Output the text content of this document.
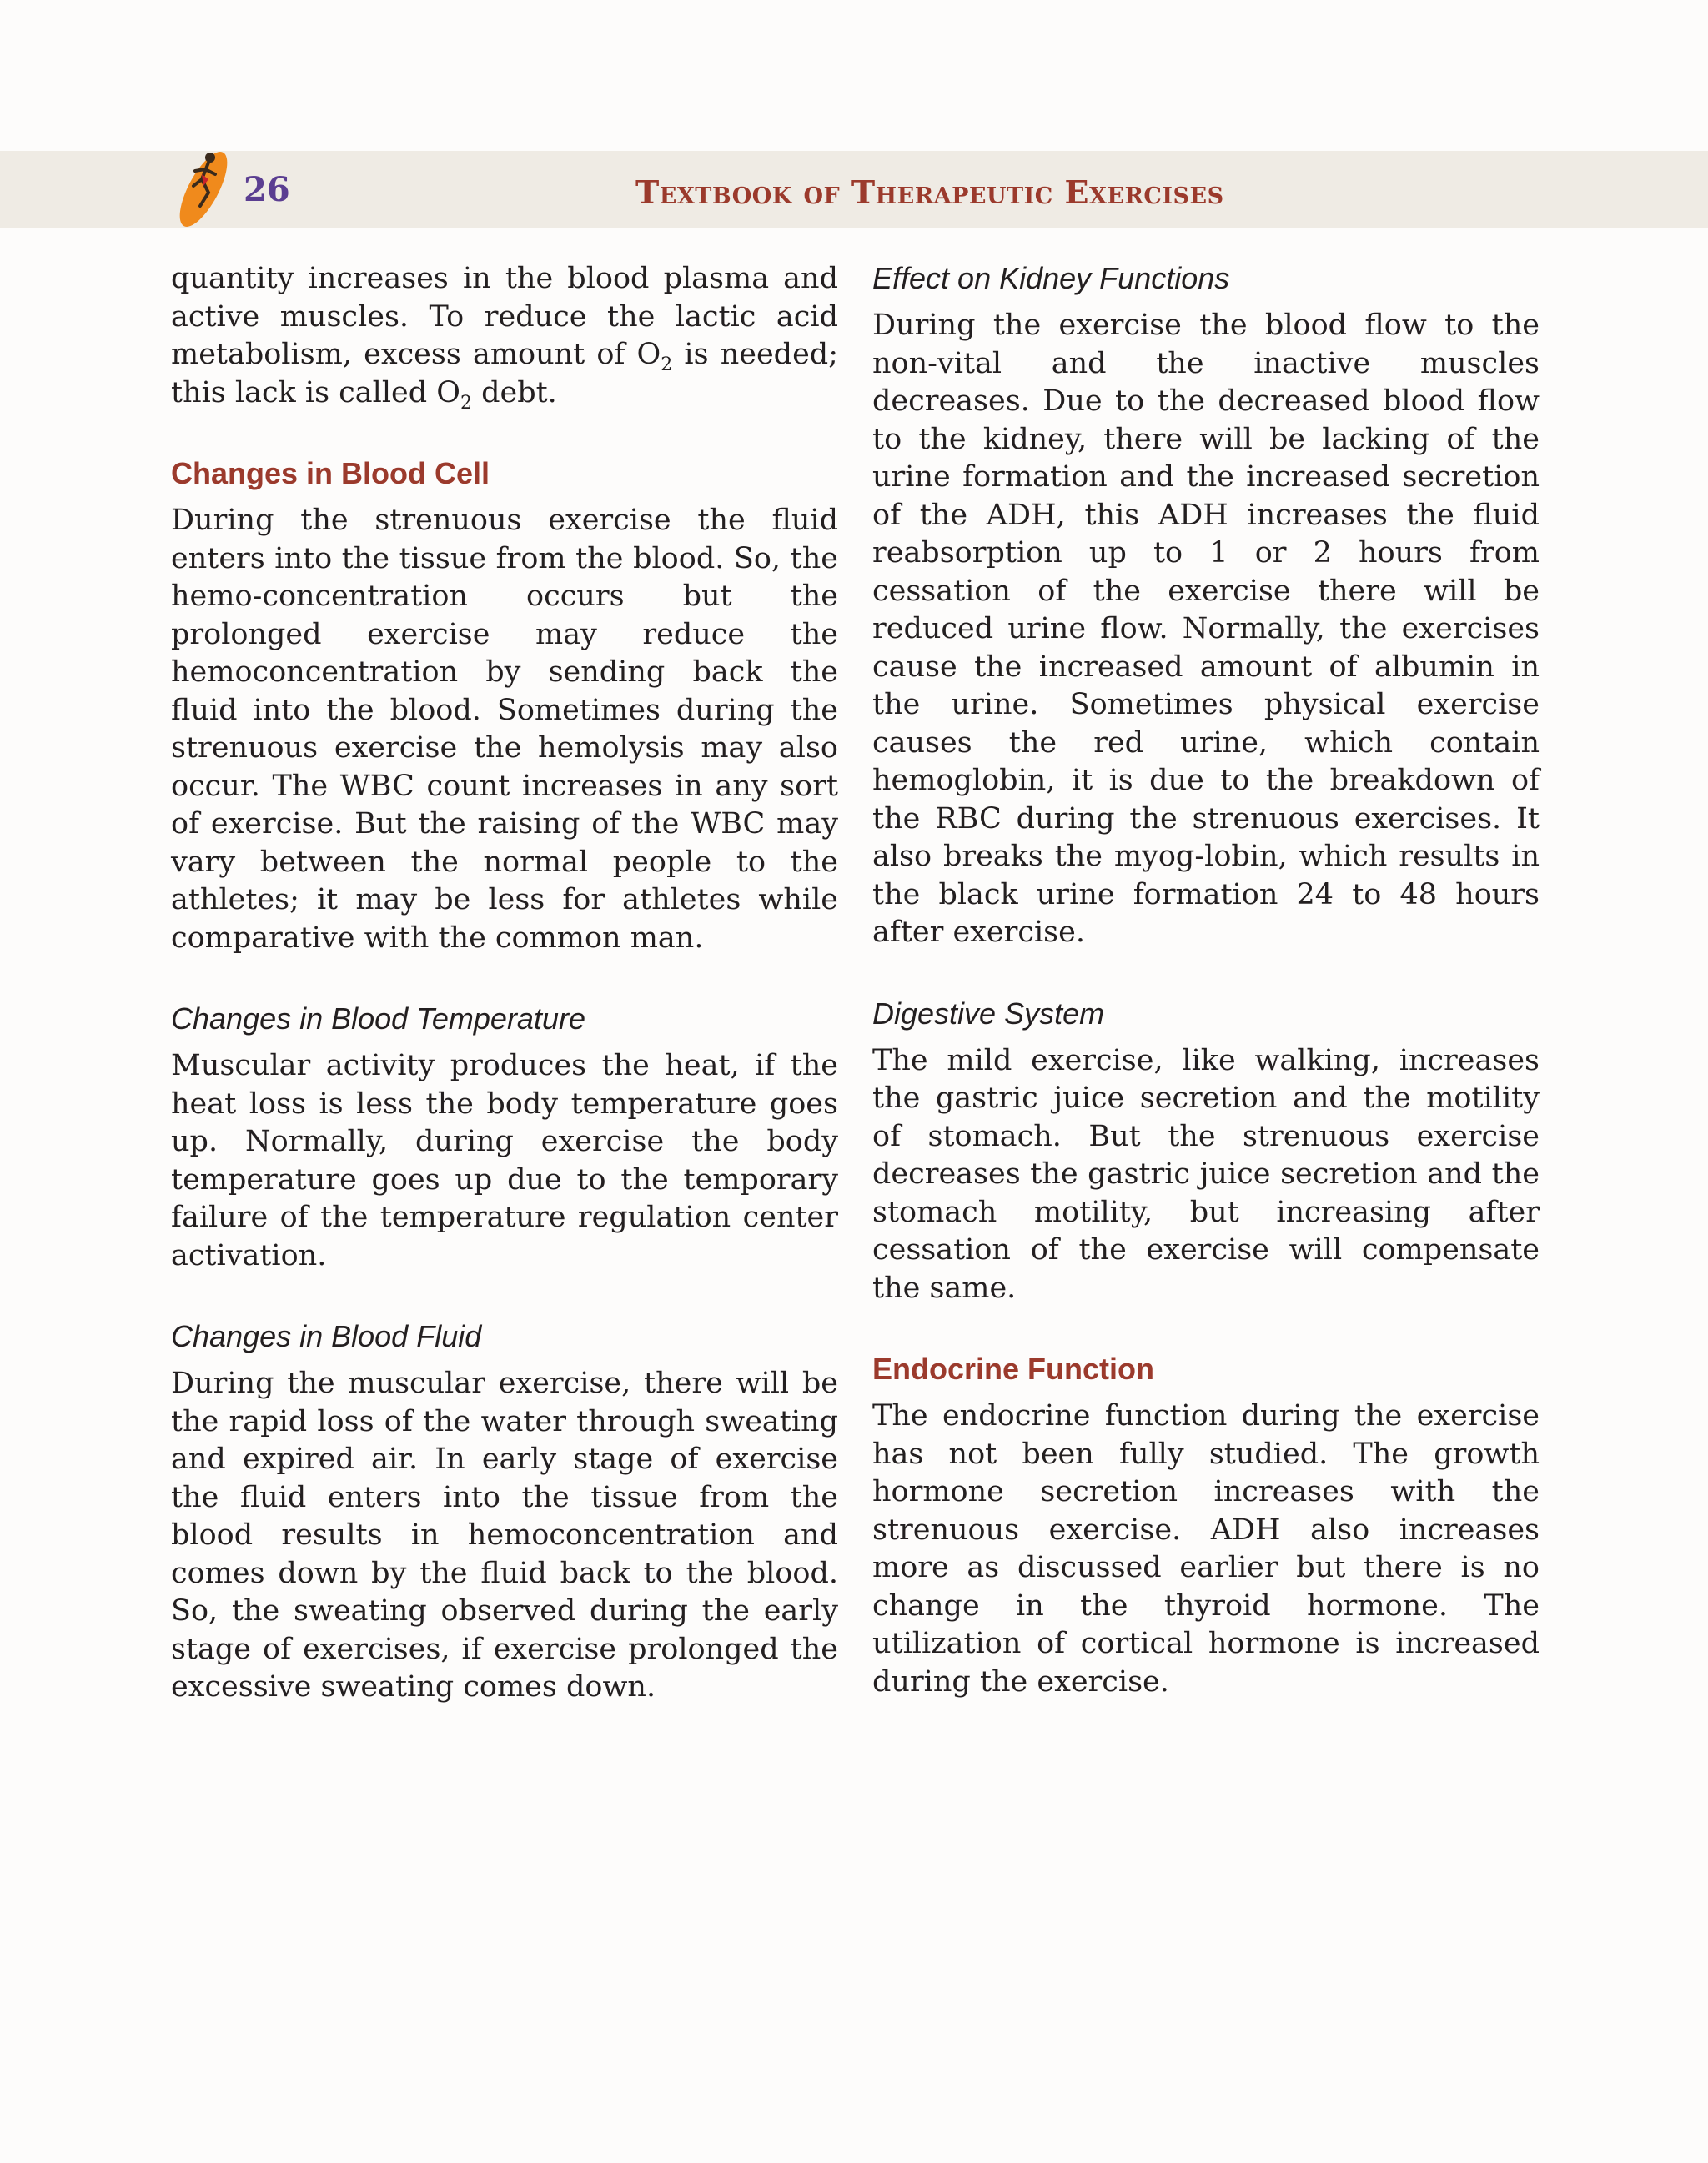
26	Textbook of Therapeutic Exercises

quantity increases in the blood plasma and active muscles. To reduce the lactic acid metabolism, excess amount of $O_2$ is needed; this lack is called $O_2$ debt.

Changes in Blood Cell

During the strenuous exercise the fluid enters into the tissue from the blood. So, the hemo-concentration occurs but the prolonged exercise may reduce the hemoconcentration by sending back the fluid into the blood. Sometimes during the strenuous exercise the hemolysis may also occur. The WBC count increases in any sort of exercise. But the raising of the WBC may vary between the normal people to the athletes; it may be less for athletes while comparative with the common man.

Changes in Blood Temperature

Muscular activity produces the heat, if the heat loss is less the body temperature goes up. Normally, during exercise the body temperature goes up due to the temporary failure of the temperature regulation center activation.

Changes in Blood Fluid

During the muscular exercise, there will be the rapid loss of the water through sweating and expired air. In early stage of exercise the fluid enters into the tissue from the blood results in hemoconcentration and comes down by the fluid back to the blood. So, the sweating observed during the early stage of exercises, if exercise prolonged the excessive sweating comes down.

Effect on Kidney Functions

During the exercise the blood flow to the non-vital and the inactive muscles decreases. Due to the decreased blood flow to the kidney, there will be lacking of the urine formation and the increased secretion of the ADH, this ADH increases the fluid reabsorption up to 1 or 2 hours from cessation of the exercise there will be reduced urine flow. Normally, the exercises cause the increased amount of albumin in the urine. Sometimes physical exercise causes the red urine, which contain hemoglobin, it is due to the breakdown of the RBC during the strenuous exercises. It also breaks the myog-lobin, which results in the black urine formation 24 to 48 hours after exercise.

Digestive System

The mild exercise, like walking, increases the gastric juice secretion and the motility of stomach. But the strenuous exercise decreases the gastric juice secretion and the stomach motility, but increasing after cessation of the exercise will compensate the same.

Endocrine Function

The endocrine function during the exercise has not been fully studied. The growth hormone secretion increases with the strenuous exercise. ADH also increases more as discussed earlier but there is no change in the thyroid hormone. The utilization of cortical hormone is increased during the exercise.
